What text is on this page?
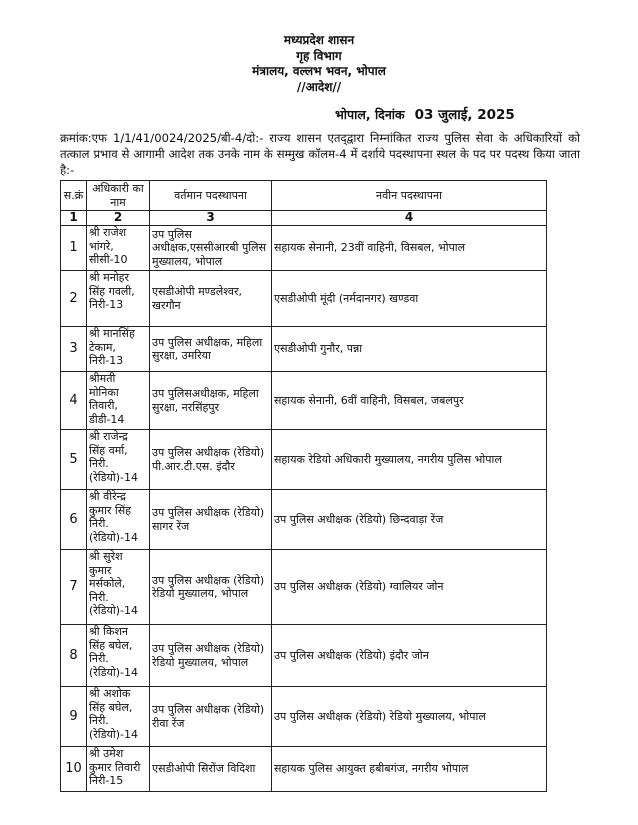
मध्यप्रदेश शासन
गृह विभाग
मंत्रालय, वल्लभ भवन, भोपाल
//आदेश//
भोपाल, दिनांक 03 जुलाई, 2025
क्रमांक:एफ 1/1/41/0024/2025/बी-4/दो:- राज्य शासन एतद्‌द्वारा निम्नांकित राज्य पुलिस सेवा के अधिकारियों को तत्काल प्रभाव से आगामी आदेश तक उनके नाम के सम्मुख कॉलम-4 में दर्शाये पदस्थापना स्थल के पद पर पदस्थ किया जाता है:-
स.क्रं	अधिकारी का नाम	वर्तमान पदस्थापना	नवीन पदस्थापना
1	2	3	4
1	श्री राजेश भांगरे, सीसी-10	उप पुलिस अधीक्षक,एससीआरबी पुलिस मुख्यालय, भोपाल	सहायक सेनानी, 23वीं वाहिनी, विसबल, भोपाल
2	श्री मनोहर सिंह गवली, निरी-13	एसडीओपी मण्डलेश्वर, खरगौन	एसडीओपी मूंदी (नर्मदानगर) खण्डवा
3	श्री मानसिंह टेकाम, निरी-13	उप पुलिस अधीक्षक, महिला सुरक्षा, उमरिया	एसडीओपी गुनौर, पन्ना
4	श्रीमती मोनिका तिवारी, डीडी-14	उप पुलिसअधीक्षक, महिला सुरक्षा, नरसिंहपुर	सहायक सेनानी, 6वीं वाहिनी, विसबल, जबलपुर
5	श्री राजेन्द्र सिंह वर्मा, निरी. (रेडियो)-14	उप पुलिस अधीक्षक (रेडियो) पी.आर.टी.एस. इंदौर	सहायक रेडियो अधिकारी मुख्यालय, नगरीय पुलिस भोपाल
6	श्री वीरेन्द्र कुमार सिंह निरी. (रेडियो)-14	उप पुलिस अधीक्षक (रेडियो) सागर रेंज	उप पुलिस अधीक्षक (रेडियो) छिन्दवाड़ा रेंज
7	श्री सुरेश कुमार मर्सकोले, निरी. (रेडियो)-14	उप पुलिस अधीक्षक (रेडियो) रेडियो मुख्यालय, भोपाल	उप पुलिस अधीक्षक (रेडियो) ग्वालियर जोन
8	श्री किशन सिंह बघेल, निरी. (रेडियो)-14	उप पुलिस अधीक्षक (रेडियो) रेडियो मुख्यालय, भोपाल	उप पुलिस अधीक्षक (रेडियो) इंदौर जोन
9	श्री अशोक सिंह बघेल, निरी. (रेडियो)-14	उप पुलिस अधीक्षक (रेडियो) रीवा रेंज	उप पुलिस अधीक्षक (रेडियो) रेडियो मुख्यालय, भोपाल
10	श्री उमेश कुमार तिवारी निरी-15	एसडीओपी सिरोंज विदिशा	सहायक पुलिस आयुक्त हबीबगंज, नगरीय भोपाल
